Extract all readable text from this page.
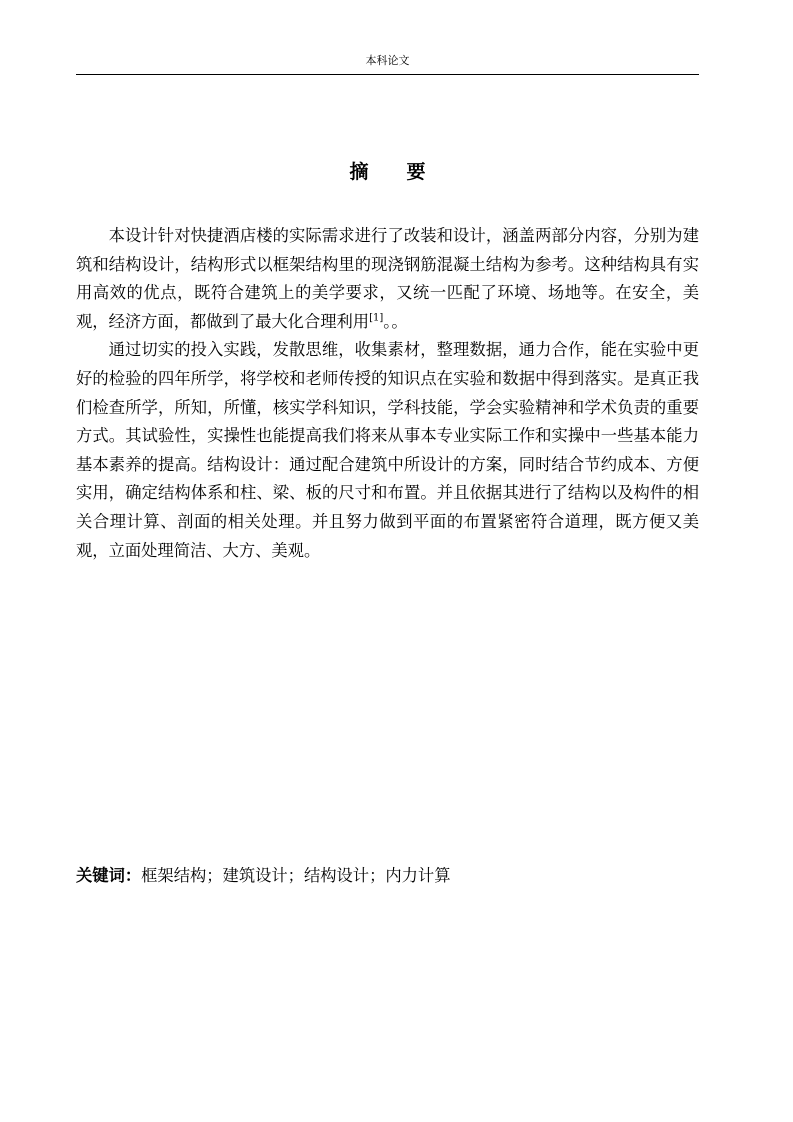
本科论文
摘 要

本设计针对快捷酒店楼的实际需求进行了改装和设计，涵盖两部分内容，分别为建筑和结构设计，结构形式以框架结构里的现浇钢筋混凝土结构为参考。这种结构具有实用高效的优点，既符合建筑上的美学要求，又统一匹配了环境、场地等。在安全，美观，经济方面，都做到了最大化合理利用[1]。。

通过切实的投入实践，发散思维，收集素材，整理数据，通力合作，能在实验中更好的检验的四年所学，将学校和老师传授的知识点在实验和数据中得到落实。是真正我们检查所学，所知，所懂，核实学科知识，学科技能，学会实验精神和学术负责的重要方式。其试验性，实操性也能提高我们将来从事本专业实际工作和实操中一些基本能力基本素养的提高。结构设计：通过配合建筑中所设计的方案，同时结合节约成本、方便实用，确定结构体系和柱、梁、板的尺寸和布置。并且依据其进行了结构以及构件的相关合理计算、剖面的相关处理。并且努力做到平面的布置紧密符合道理，既方便又美观，立面处理简洁、大方、美观。

关键词：框架结构；建筑设计；结构设计；内力计算
